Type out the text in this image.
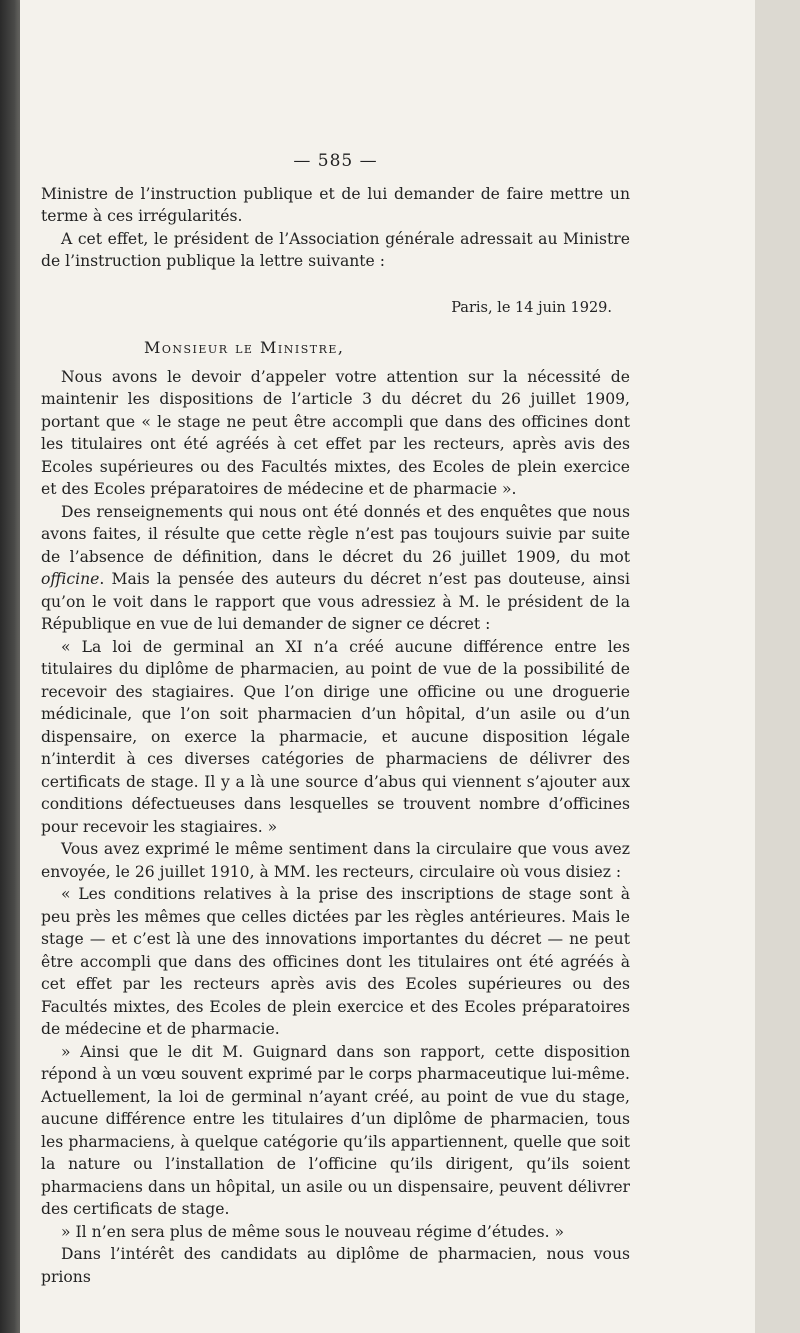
— 585 —

Ministre de l’instruction publique et de lui demander de faire mettre un terme à ces irrégularités.

A cet effet, le président de l’Association générale adressait au Ministre de l’instruction publique la lettre suivante :

Paris, le 14 juin 1929.
Monsieur le Ministre,

Nous avons le devoir d’appeler votre attention sur la nécessité de maintenir les dispositions de l’article 3 du décret du 26 juillet 1909, portant que « le stage ne peut être accompli que dans des officines dont les titulaires ont été agréés à cet effet par les recteurs, après avis des Ecoles supérieures ou des Facultés mixtes, des Ecoles de plein exercice et des Ecoles préparatoires de médecine et de pharmacie ».

Des renseignements qui nous ont été donnés et des enquêtes que nous avons faites, il résulte que cette règle n’est pas toujours suivie par suite de l’absence de définition, dans le décret du 26 juillet 1909, du mot officine. Mais la pensée des auteurs du décret n’est pas douteuse, ainsi qu’on le voit dans le rapport que vous adressiez à M. le président de la République en vue de lui demander de signer ce décret :

« La loi de germinal an XI n’a créé aucune différence entre les titulaires du diplôme de pharmacien, au point de vue de la possibilité de recevoir des stagiaires. Que l’on dirige une officine ou une droguerie médicinale, que l’on soit pharmacien d’un hôpital, d’un asile ou d’un dispensaire, on exerce la pharmacie, et aucune disposition légale n’interdit à ces diverses catégories de pharmaciens de délivrer des certificats de stage. Il y a là une source d’abus qui viennent s’ajouter aux conditions défectueuses dans lesquelles se trouvent nombre d’officines pour recevoir les stagiaires. »

Vous avez exprimé le même sentiment dans la circulaire que vous avez envoyée, le 26 juillet 1910, à MM. les recteurs, circulaire où vous disiez :

« Les conditions relatives à la prise des inscriptions de stage sont à peu près les mêmes que celles dictées par les règles antérieures. Mais le stage — et c’est là une des innovations importantes du décret — ne peut être accompli que dans des officines dont les titulaires ont été agréés à cet effet par les recteurs après avis des Ecoles supérieures ou des Facultés mixtes, des Ecoles de plein exercice et des Ecoles préparatoires de médecine et de pharmacie.

» Ainsi que le dit M. Guignard dans son rapport, cette disposition répond à un vœu souvent exprimé par le corps pharmaceutique lui-même. Actuellement, la loi de germinal n’ayant créé, au point de vue du stage, aucune différence entre les titulaires d’un diplôme de pharmacien, tous les pharmaciens, à quelque catégorie qu’ils appartiennent, quelle que soit la nature ou l’installation de l’officine qu’ils dirigent, qu’ils soient pharmaciens dans un hôpital, un asile ou un dispensaire, peuvent délivrer des certificats de stage.

» Il n’en sera plus de même sous le nouveau régime d’études. »

Dans l’intérêt des candidats au diplôme de pharmacien, nous vous prions
